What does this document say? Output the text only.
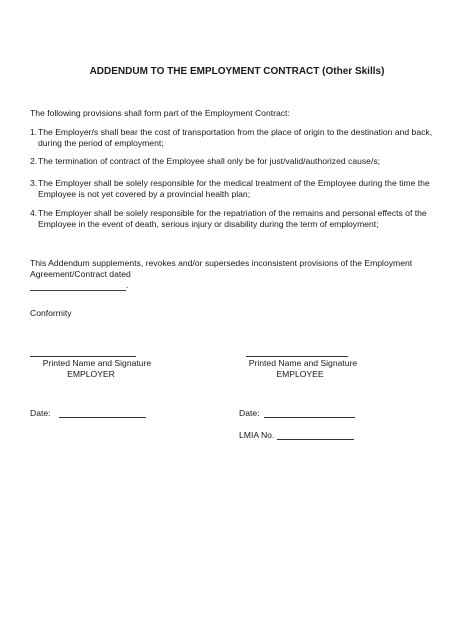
ADDENDUM TO THE EMPLOYMENT CONTRACT (Other Skills)
The following provisions shall form part of the Employment Contract:
1. The Employer/s shall bear the cost of transportation from the place of origin to the destination and back, during the period of employment;
2. The termination of contract of the Employee shall only be for just/valid/authorized cause/s;
3. The Employer shall be solely responsible for the medical treatment of the Employee during the time the Employee is not yet covered by a provincial health plan;
4. The Employer shall be solely responsible for the repatriation of the remains and personal effects of the Employee in the event of death, serious injury or disability during the term of employment;
This Addendum supplements, revokes and/or supersedes inconsistent provisions of the Employment Agreement/Contract dated
.
Conformity
Printed Name and Signature
EMPLOYER
Printed Name and Signature
EMPLOYEE
Date:	Date:
LMIA No.
